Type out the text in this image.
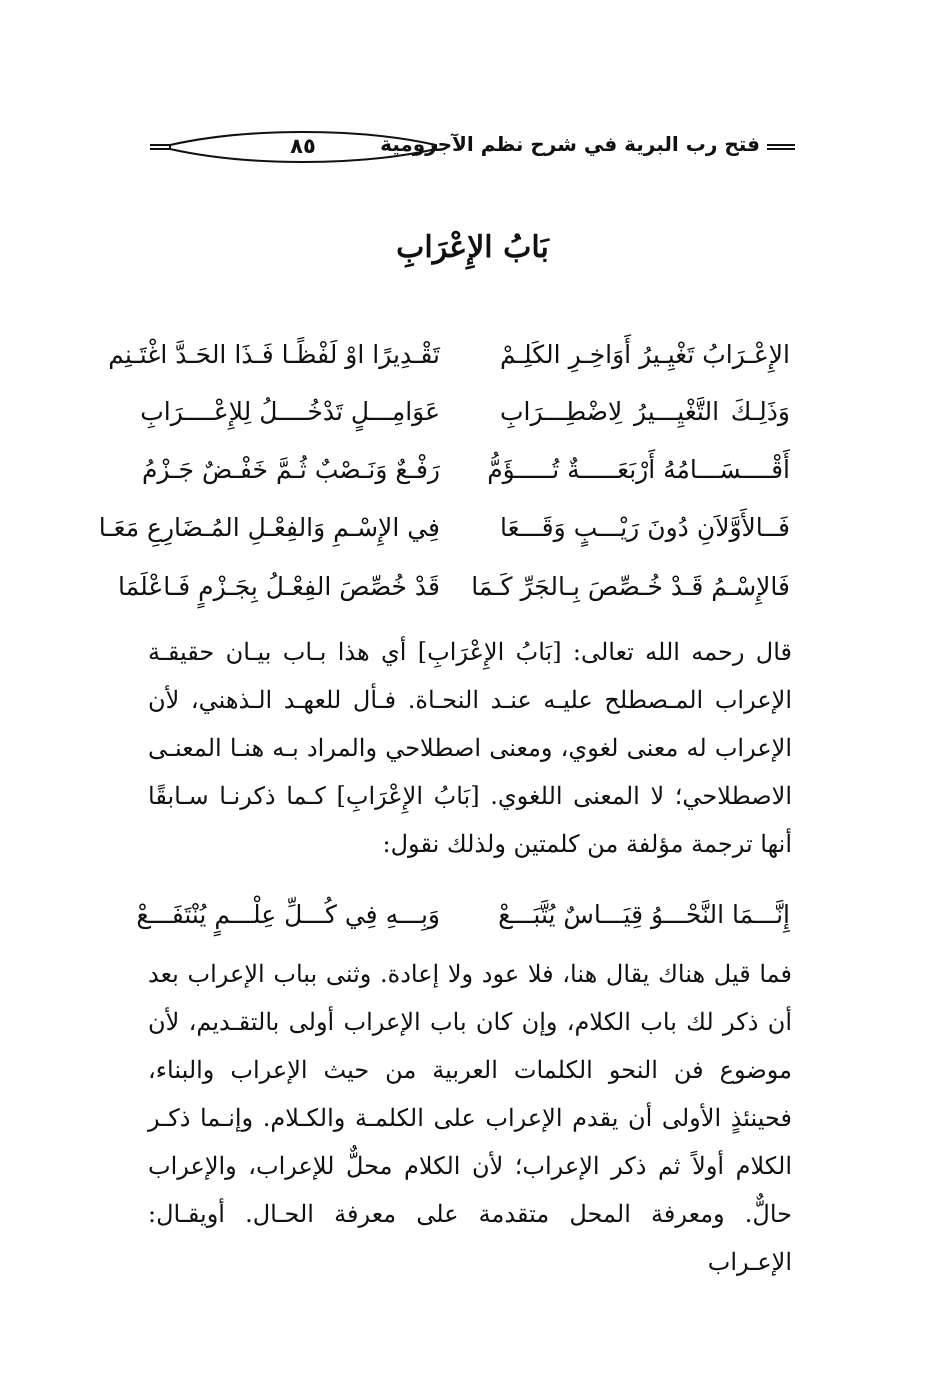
فتح رب البرية في شرح نظم الآجرومية
٨٥
بَابُ الإِعْرَابِ
الإِعْـرَابُ تَغْيِـيرُ أَوَاخِـرِ الكَلِـمْ
تَقْـدِيرًا اوْ لَفْظًـا فَـذَا الحَـدَّ اغْتَـنِم
وَذَلِـكَ التَّغْيِـــيرُ لِاضْطِـــرَابِ
عَوَامِـــلٍ تَدْخُــــلُ لِلإِعْــــرَابِ
أَقْــــسَـــامُهُ أَرْبَعَـــــةٌ تُـــــؤَمُّ
رَفْـعٌ وَنَـصْبٌ ثُـمَّ خَفْـضٌ جَـزْمُ
فَــالأَوَّلاَنِ دُونَ رَيْـــبٍ وَقَـــعَا
فِي الإِسْـمِ وَالفِعْـلِ المُـضَارِعِ مَعَـا
فَالإِسْـمُ قَـدْ خُـصِّصَ بِـالجَرِّ كَـمَا
قَدْ خُصِّصَ الفِعْـلُ بِجَـزْمٍ فَـاعْلَمَا
قال رحمه الله تعالى: [بَابُ الإِعْرَابِ] أي هذا بـاب بيـان حقيقـة الإعراب المـصطلح عليـه عنـد النحـاة. فـأل للعهـد الـذهني، لأن الإعراب له معنى لغوي، ومعنى اصطلاحي والمراد بـه هنـا المعنـى الاصطلاحي؛ لا المعنى اللغوي. [بَابُ الإِعْرَابِ] كـما ذكرنـا سـابقًا أنها ترجمة مؤلفة من كلمتين ولذلك نقول:
إِنَّـــمَا النَّحْـــوُ قِيَـــاسٌ يُتَّبَـــعْ
وَبِـــهِ فِي كُـــلِّ عِلْـــمٍ يُنْتَفَـــعْ
فما قيل هناك يقال هنا، فلا عود ولا إعادة. وثنى بباب الإعراب بعد أن ذكر لك باب الكلام، وإن كان باب الإعراب أولى بالتقـديم، لأن موضوع فن النحو الكلمات العربية من حيث الإعراب والبناء، فحينئذٍ الأولى أن يقدم الإعراب على الكلمـة والكـلام. وإنـما ذكـر الكلام أولاً ثم ذكر الإعراب؛ لأن الكلام محلٌّ للإعراب، والإعراب حالٌّ. ومعرفة المحل متقدمة على معرفة الحـال. أويقـال: الإعـراب
